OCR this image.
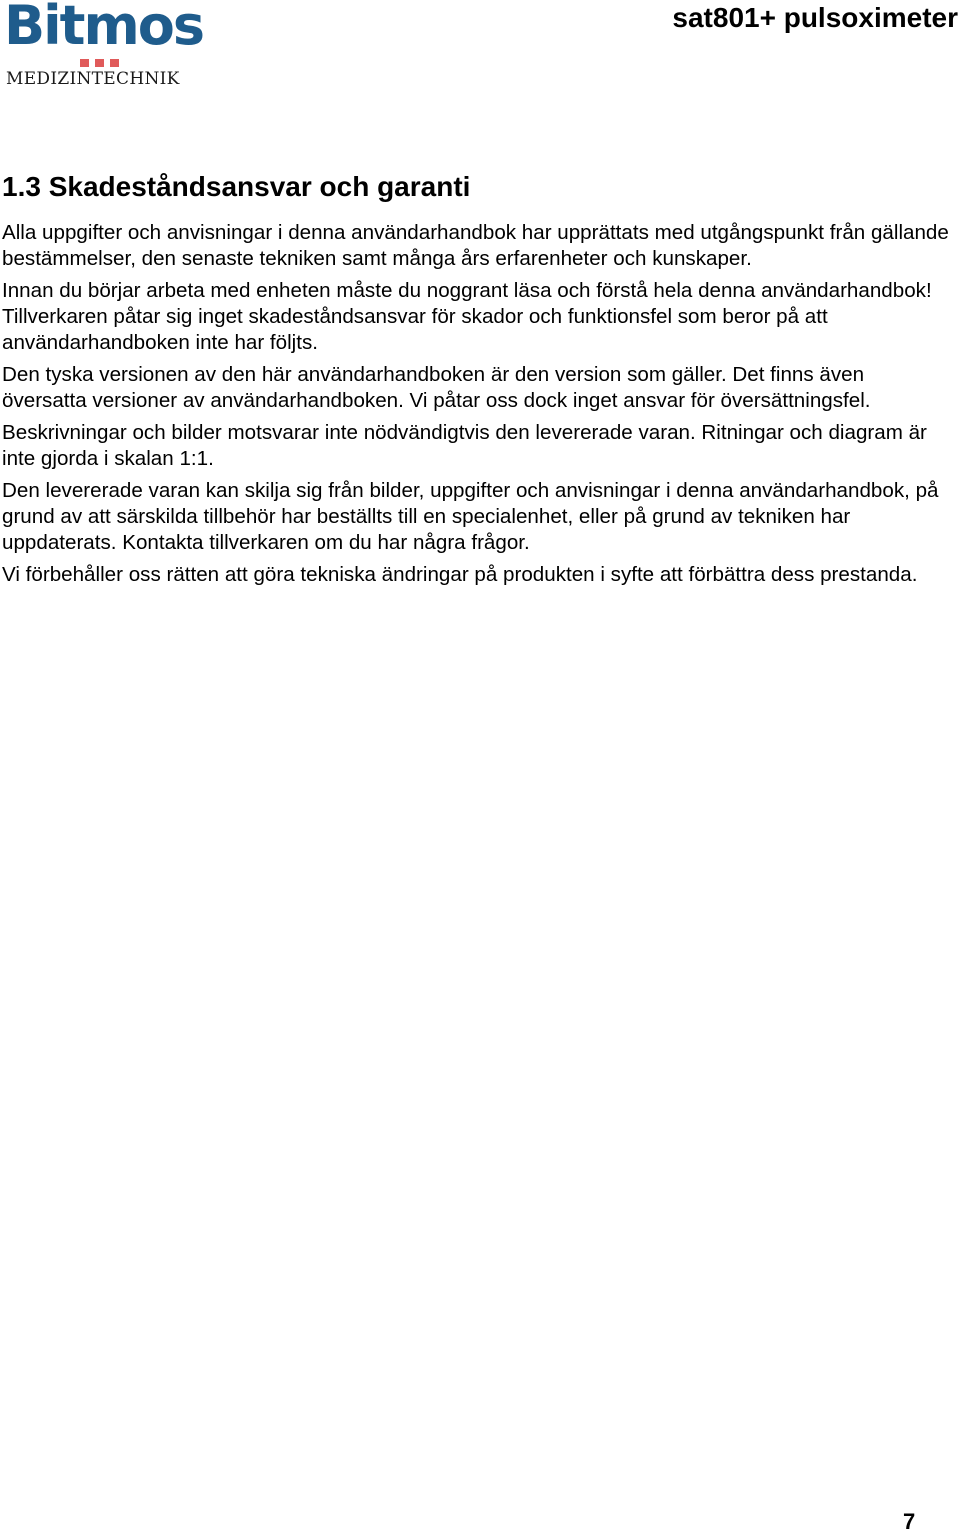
Bitmos
MEDIZINTECHNIK
sat801+ pulsoximeter
1.3 Skadeståndsansvar och garanti

Alla uppgifter och anvisningar i denna användarhandbok har upprättats med utgångspunkt från gällande bestämmelser, den senaste tekniken samt många års erfarenheter och kunskaper.

Innan du börjar arbeta med enheten måste du noggrant läsa och förstå hela denna användarhandbok! Tillverkaren påtar sig inget skadeståndsansvar för skador och funktionsfel som beror på att användarhandboken inte har följts.

Den tyska versionen av den här användarhandboken är den version som gäller. Det finns även översatta versioner av användarhandboken. Vi påtar oss dock inget ansvar för översättningsfel.

Beskrivningar och bilder motsvarar inte nödvändigtvis den levererade varan. Ritningar och diagram är inte gjorda i skalan 1:1.

Den levererade varan kan skilja sig från bilder, uppgifter och anvisningar i denna användarhandbok, på grund av att särskilda tillbehör har beställts till en specialenhet, eller på grund av tekniken har uppdaterats. Kontakta tillverkaren om du har några frågor.

Vi förbehåller oss rätten att göra tekniska ändringar på produkten i syfte att förbättra dess prestanda.

7
